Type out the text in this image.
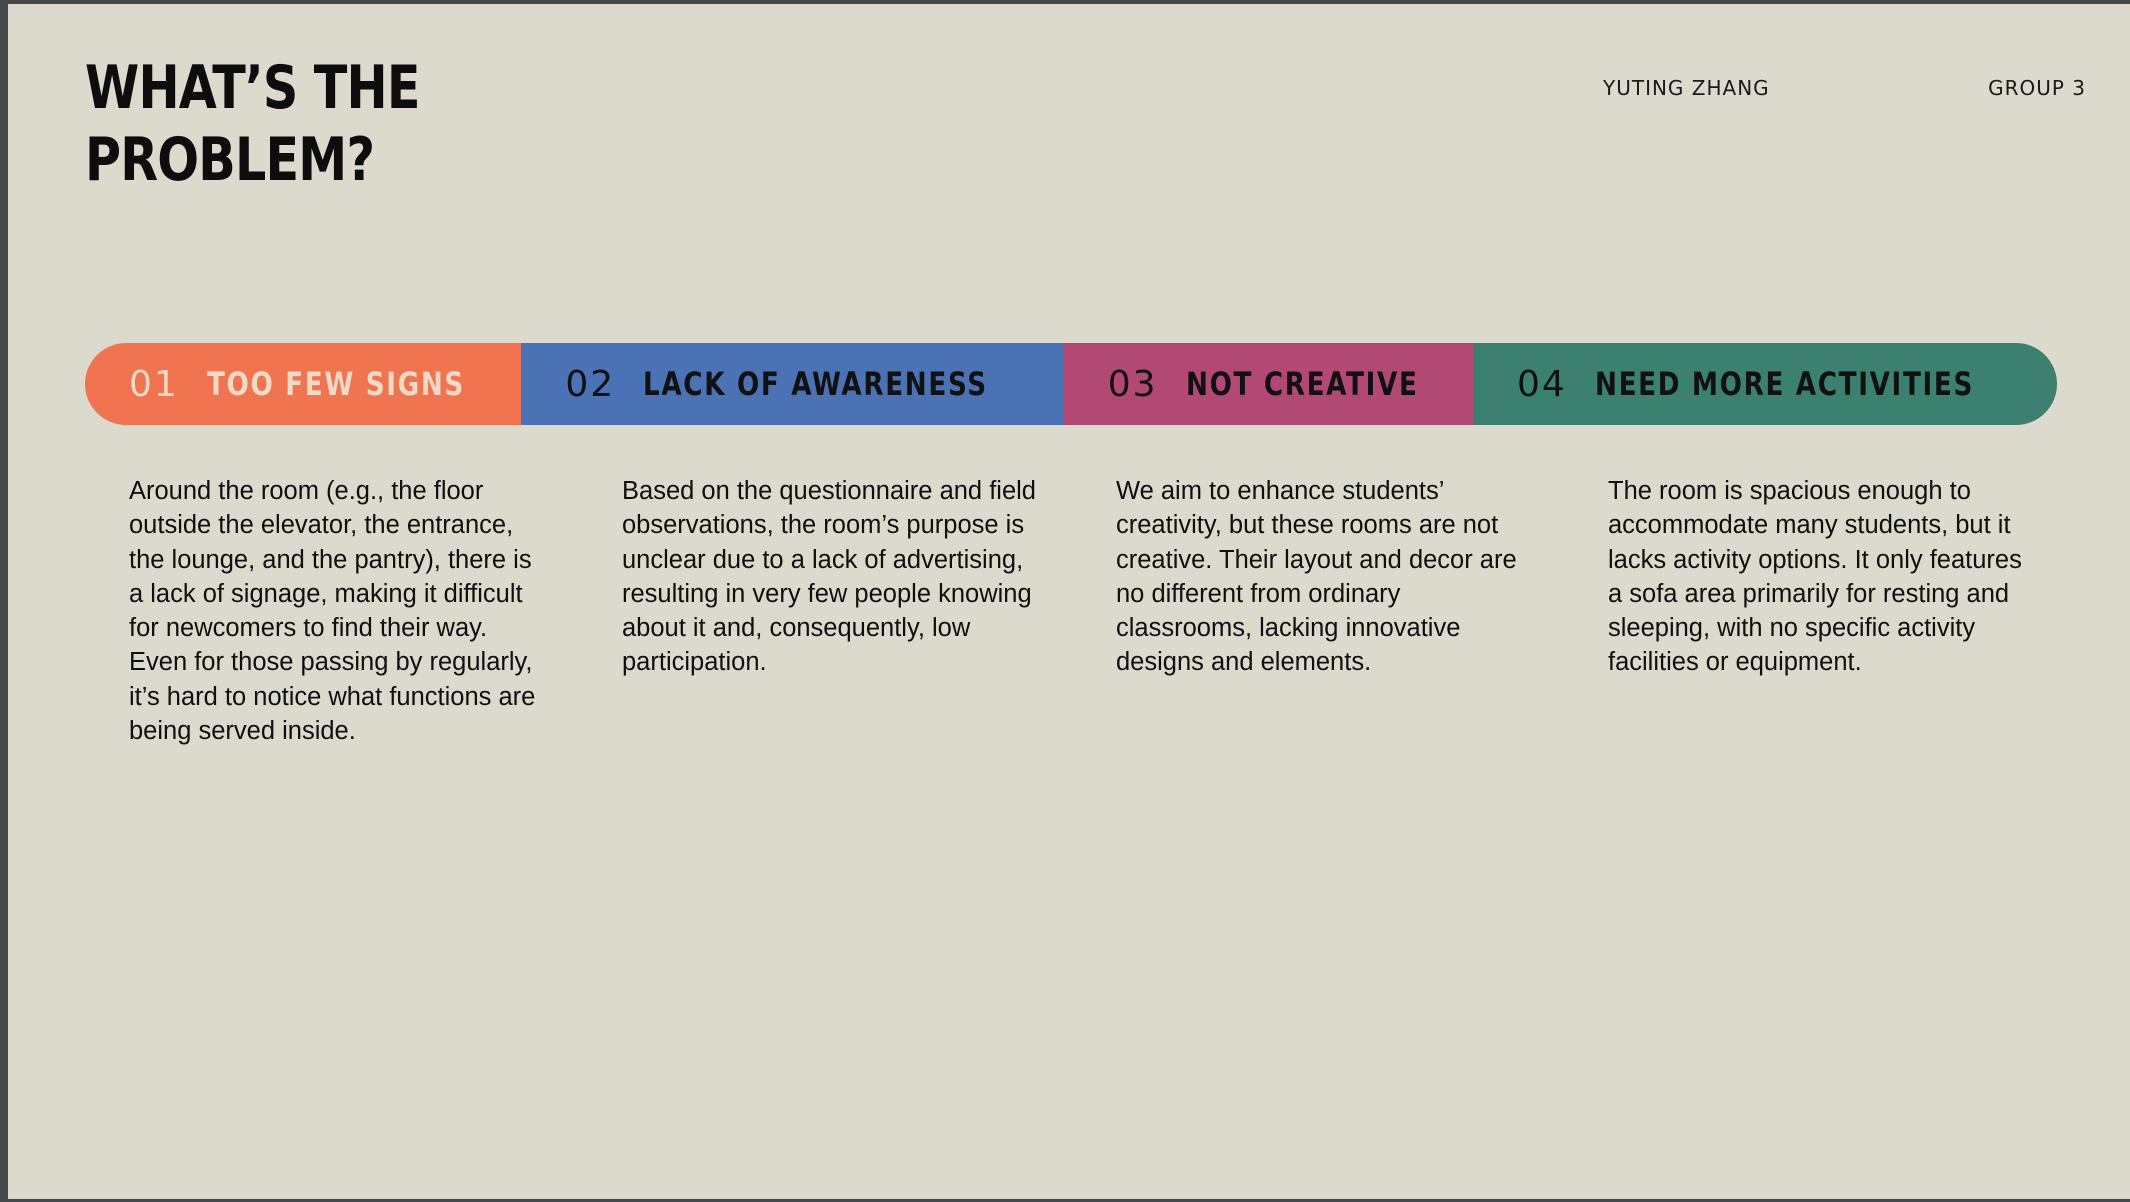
WHAT’S THE
PROBLEM?
YUTING ZHANG	GROUP 3
01 TOO FEW SIGNS	02 LACK OF AWARENESS	03 NOT CREATIVE	04 NEED MORE ACTIVITIES

Around the room (e.g., the floor outside the elevator, the entrance, the lounge, and the pantry), there is a lack of signage, making it difficult for newcomers to find their way. Even for those passing by regularly, it’s hard to notice what functions are being served inside.

Based on the questionnaire and field observations, the room’s purpose is unclear due to a lack of advertising, resulting in very few people knowing about it and, consequently, low participation.

We aim to enhance students’ creativity, but these rooms are not creative. Their layout and decor are no different from ordinary classrooms, lacking innovative designs and elements.

The room is spacious enough to accommodate many students, but it lacks activity options. It only features a sofa area primarily for resting and sleeping, with no specific activity facilities or equipment.
